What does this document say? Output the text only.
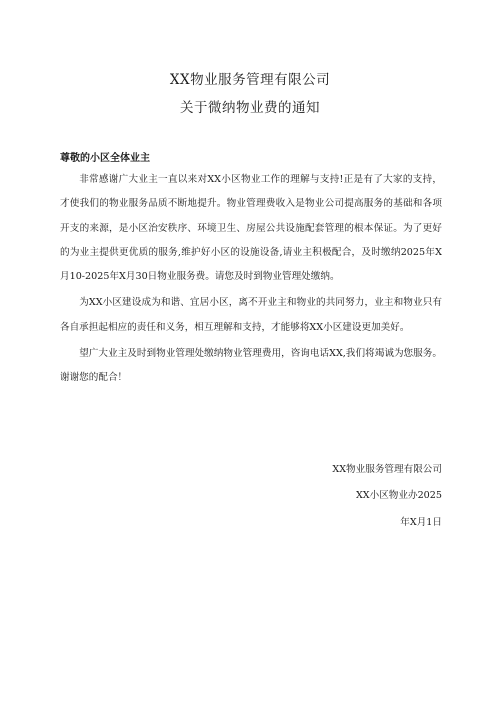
XX物业服务管理有限公司
关于微纳物业费的通知
尊敬的小区全体业主

非常感谢广大业主一直以来对XX小区物业工作的理解与支持!正是有了大家的支持，才使我们的物业服务品质不断地提升。物业管理费收入是物业公司提高服务的基础和各项开支的来源，是小区治安秩序、环境卫生、房屋公共设施配套管理的根本保证。为了更好的为业主提供更优质的服务,维护好小区的设施设备,请业主积极配合，及时缴纳2025年X月10-2025年X月30日物业服务费。请您及时到物业管理处缴纳。

为XX小区建设成为和谐、宜居小区，离不开业主和物业的共同努力，业主和物业只有各自承担起相应的责任和义务，相互理解和支持，才能够将XX小区建设更加美好。

望广大业主及时到物业管理处缴纳物业管理费用，咨询电话XX,我们将竭诚为您服务。谢谢您的配合！

XX物业服务管理有限公司
XX小区物业办2025
年X月1日
